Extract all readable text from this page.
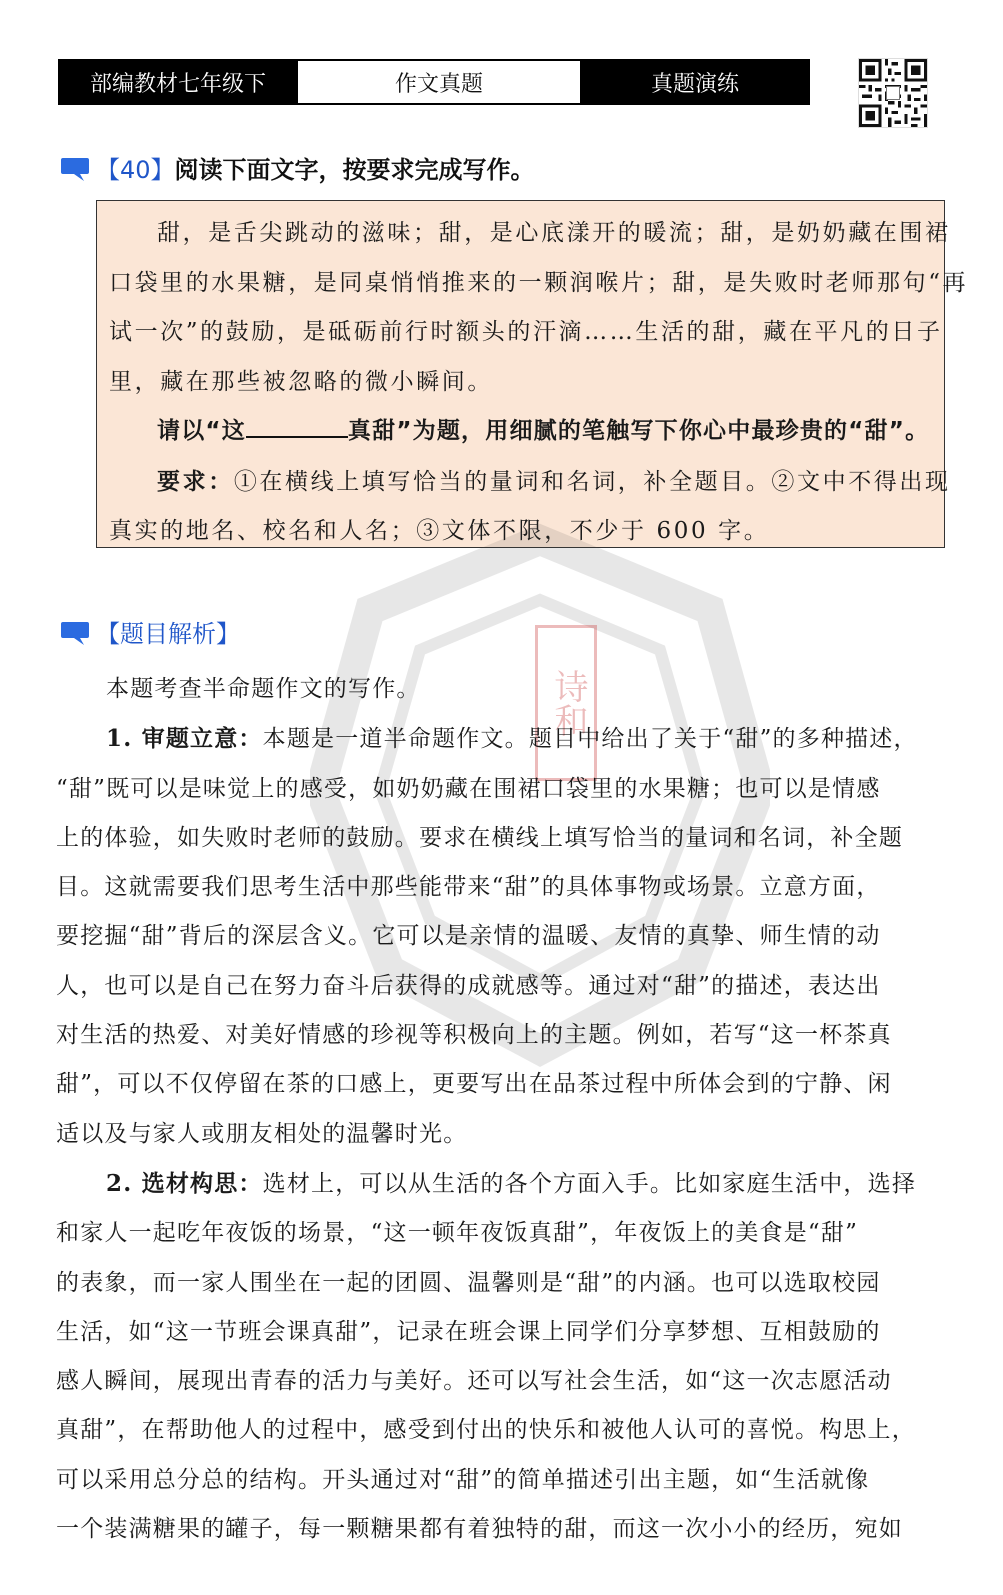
部编教材七年级下	作文真题	真题演练
【40】 阅读下面文字，按要求完成写作。
甜，是舌尖跳动的滋味；甜，是心底漾开的暖流；甜，是奶奶藏在围裙
口袋里的水果糖，是同桌悄悄推来的一颗润喉片；甜，是失败时老师那句“再
试一次”的鼓励，是砥砺前行时额头的汗滴……生活的甜，藏在平凡的日子
里，藏在那些被忽略的微小瞬间。
请以“这	真甜”为题，用细腻的笔触写下你心中最珍贵的“甜”。
要求：①在横线上填写恰当的量词和名词，补全题目。②文中不得出现
真实的地名、校名和人名；③文体不限，不少于 600 字。
诗和
【题目解析】
本题考查半命题作文的写作。
1. 审题立意：本题是一道半命题作文。题目中给出了关于“甜”的多种描述，
“甜”既可以是味觉上的感受，如奶奶藏在围裙口袋里的水果糖；也可以是情感
上的体验，如失败时老师的鼓励。要求在横线上填写恰当的量词和名词，补全题
目。这就需要我们思考生活中那些能带来“甜”的具体事物或场景。立意方面，
要挖掘“甜”背后的深层含义。它可以是亲情的温暖、友情的真挚、师生情的动
人，也可以是自己在努力奋斗后获得的成就感等。通过对“甜”的描述，表达出
对生活的热爱、对美好情感的珍视等积极向上的主题。例如，若写“这一杯茶真
甜”，可以不仅停留在茶的口感上，更要写出在品茶过程中所体会到的宁静、闲
适以及与家人或朋友相处的温馨时光。
2. 选材构思：选材上，可以从生活的各个方面入手。比如家庭生活中，选择
和家人一起吃年夜饭的场景，“这一顿年夜饭真甜”，年夜饭上的美食是“甜”
的表象，而一家人围坐在一起的团圆、温馨则是“甜”的内涵。也可以选取校园
生活，如“这一节班会课真甜”，记录在班会课上同学们分享梦想、互相鼓励的
感人瞬间，展现出青春的活力与美好。还可以写社会生活，如“这一次志愿活动
真甜”，在帮助他人的过程中，感受到付出的快乐和被他人认可的喜悦。构思上，
可以采用总分总的结构。开头通过对“甜”的简单描述引出主题，如“生活就像
一个装满糖果的罐子，每一颗糖果都有着独特的甜，而这一次小小的经历，宛如
